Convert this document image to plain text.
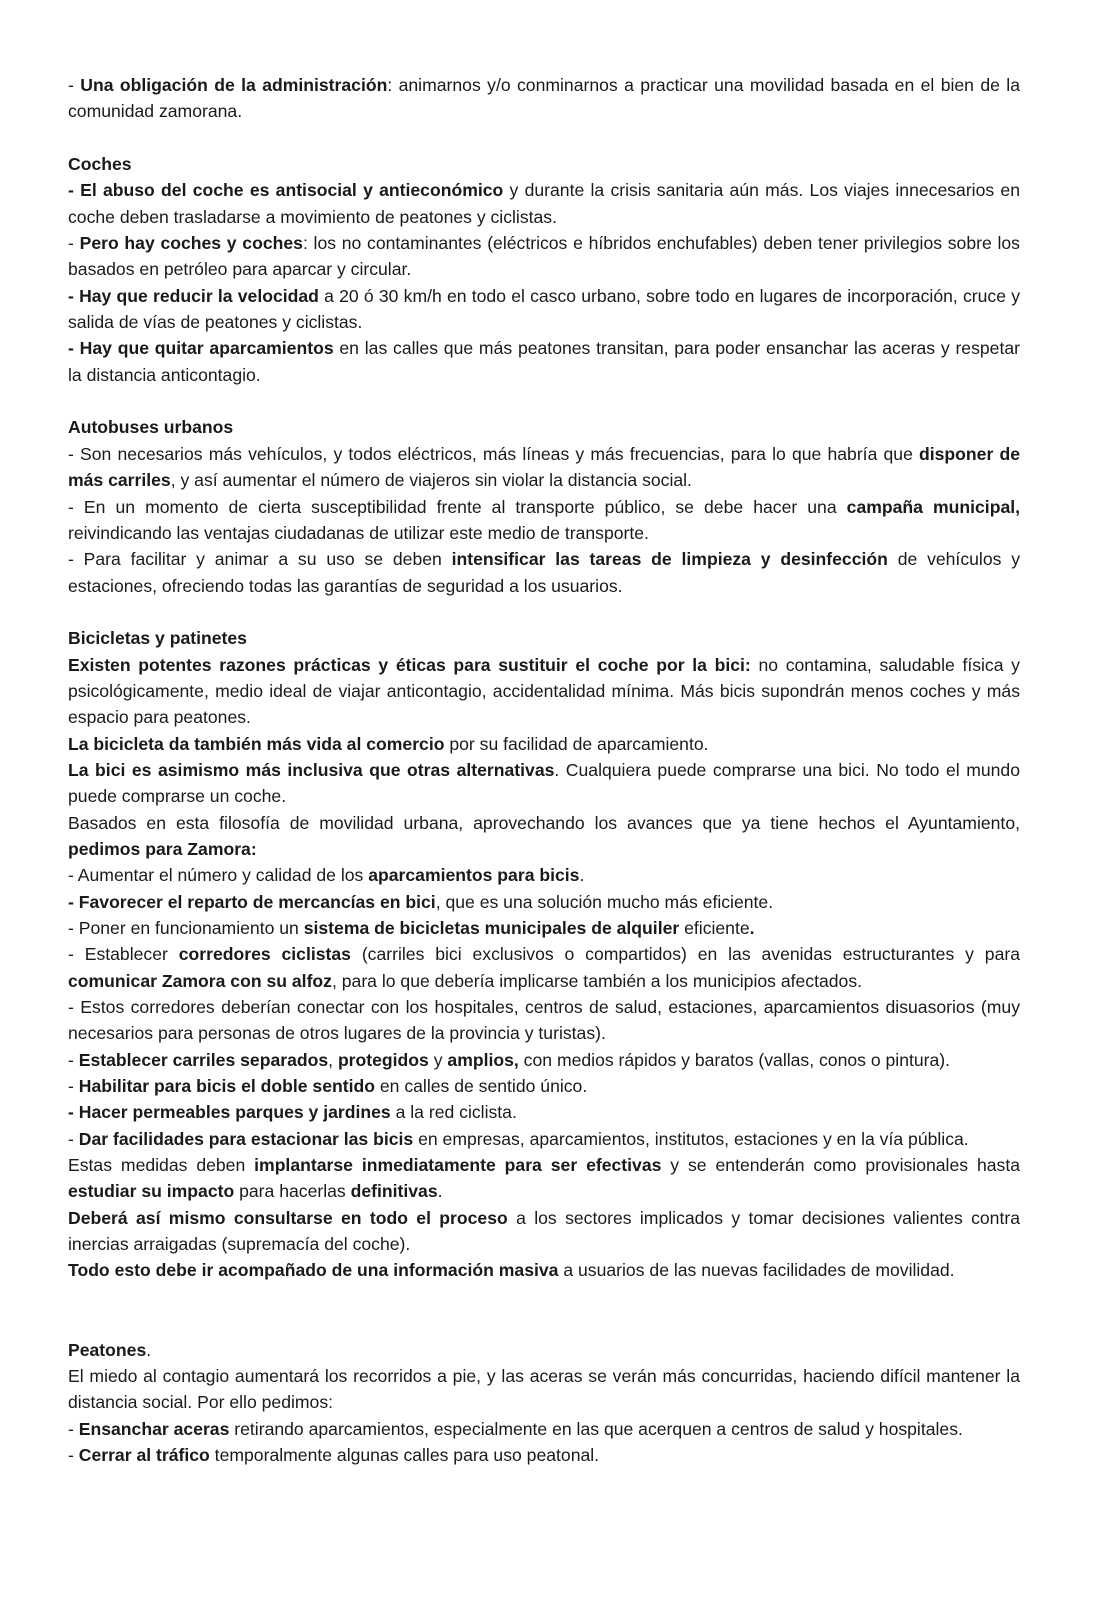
- Una obligación de la administración: animarnos y/o conminarnos a practicar una movilidad basada en el bien de la comunidad zamorana.

Coches

- El abuso del coche es antisocial y antieconómico y durante la crisis sanitaria aún más. Los viajes innecesarios en coche deben trasladarse a movimiento de peatones y ciclistas.

- Pero hay coches y coches: los no contaminantes (eléctricos e híbridos enchufables) deben tener privilegios sobre los basados en petróleo para aparcar y circular.

- Hay que reducir la velocidad a 20 ó 30 km/h en todo el casco urbano, sobre todo en lugares de incorporación, cruce y salida de vías de peatones y ciclistas.

- Hay que quitar aparcamientos en las calles que más peatones transitan, para poder ensanchar las aceras y respetar la distancia anticontagio.

Autobuses urbanos

- Son necesarios más vehículos, y todos eléctricos, más líneas y más frecuencias, para lo que habría que disponer de más carriles, y así aumentar el número de viajeros sin violar la distancia social.

- En un momento de cierta susceptibilidad frente al transporte público, se debe hacer una campaña municipal, reivindicando las ventajas ciudadanas de utilizar este medio de transporte.

- Para facilitar y animar a su uso se deben intensificar las tareas de limpieza y desinfección de vehículos y estaciones, ofreciendo todas las garantías de seguridad a los usuarios.

Bicicletas y patinetes

Existen potentes razones prácticas y éticas para sustituir el coche por la bici: no contamina, saludable física y psicológicamente, medio ideal de viajar anticontagio, accidentalidad mínima. Más bicis supondrán menos coches y más espacio para peatones.

La bicicleta da también más vida al comercio por su facilidad de aparcamiento.

La bici es asimismo más inclusiva que otras alternativas. Cualquiera puede comprarse una bici. No todo el mundo puede comprarse un coche.

Basados en esta filosofía de movilidad urbana, aprovechando los avances que ya tiene hechos el Ayuntamiento, pedimos para Zamora:

- Aumentar el número y calidad de los aparcamientos para bicis.

- Favorecer el reparto de mercancías en bici, que es una solución mucho más eficiente.

- Poner en funcionamiento un sistema de bicicletas municipales de alquiler eficiente.

- Establecer corredores ciclistas (carriles bici exclusivos o compartidos) en las avenidas estructurantes y para comunicar Zamora con su alfoz, para lo que debería implicarse también a los municipios afectados.

- Estos corredores deberían conectar con los hospitales, centros de salud, estaciones, aparcamientos disuasorios (muy necesarios para personas de otros lugares de la provincia y turistas).

- Establecer carriles separados, protegidos y amplios, con medios rápidos y baratos (vallas, conos o pintura).

- Habilitar para bicis el doble sentido en calles de sentido único.

- Hacer permeables parques y jardines a la red ciclista.

- Dar facilidades para estacionar las bicis en empresas, aparcamientos, institutos, estaciones y en la vía pública.

Estas medidas deben implantarse inmediatamente para ser efectivas y se entenderán como provisionales hasta estudiar su impacto para hacerlas definitivas.

Deberá así mismo consultarse en todo el proceso a los sectores implicados y tomar decisiones valientes contra inercias arraigadas (supremacía del coche).

Todo esto debe ir acompañado de una información masiva a usuarios de las nuevas facilidades de movilidad.

Peatones.

El miedo al contagio aumentará los recorridos a pie, y las aceras se verán más concurridas, haciendo difícil mantener la distancia social. Por ello pedimos:

- Ensanchar aceras retirando aparcamientos, especialmente en las que acerquen a centros de salud y hospitales.

- Cerrar al tráfico temporalmente algunas calles para uso peatonal.
